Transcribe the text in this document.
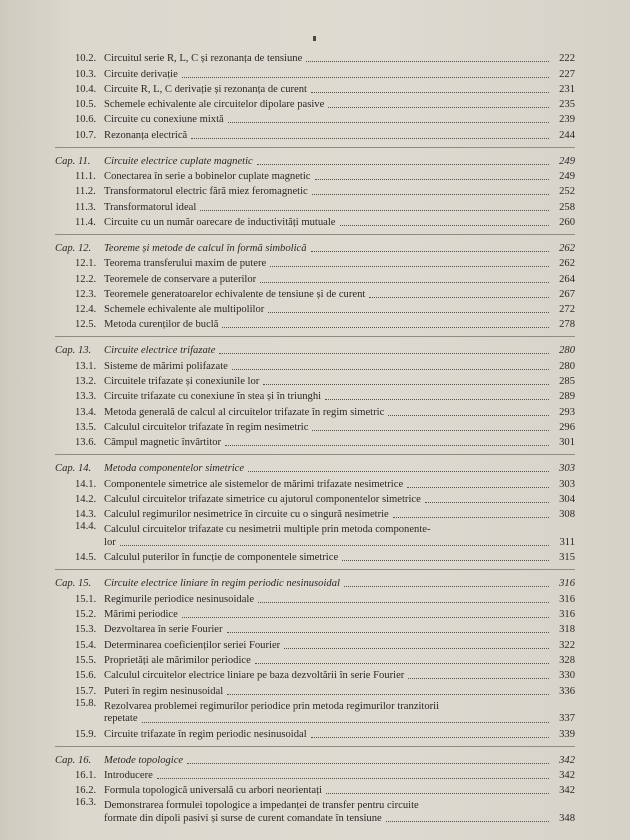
10.2. Circuitul serie R, L, C și rezonanța de tensiune	222
10.3. Circuite derivație	227
10.4. Circuite R, L, C derivație și rezonanța de curent	231
10.5. Schemele echivalente ale circuitelor dipolare pasive	235
10.6. Circuite cu conexiune mixtă	239
10.7. Rezonanța electrică	244
Cap. 11.	Circuite electrice cuplate magnetic	249
11.1. Conectarea în serie a bobinelor cuplate magnetic	249
11.2. Transformatorul electric fără miez feromagnetic	252
11.3. Transformatorul ideal	258
11.4. Circuite cu un număr oarecare de inductivități mutuale	260
Cap. 12.	Teoreme și metode de calcul în formă simbolică	262
12.1. Teorema transferului maxim de putere	262
12.2. Teoremele de conservare a puterilor	264
12.3. Teoremele generatoarelor echivalente de tensiune și de curent	267
12.4. Schemele echivalente ale multipolilor	272
12.5. Metoda curenților de buclă	278
Cap. 13.	Circuite electrice trifazate	280
13.1. Sisteme de mărimi polifazate	280
13.2. Circuitele trifazate și conexiunile lor	285
13.3. Circuite trifazate cu conexiune în stea și în triunghi	289
13.4. Metoda generală de calcul al circuitelor trifazate în regim simetric	293
13.5. Calculul circuitelor trifazate în regim nesimetric	296
13.6. Câmpul magnetic învârtitor	301
Cap. 14.	Metoda componentelor simetrice	303
14.1. Componentele simetrice ale sistemelor de mărimi trifazate nesimetrice	303
14.2. Calculul circuitelor trifazate simetrice cu ajutorul componentelor simetrice	304
14.3. Calculul regimurilor nesimetrice în circuite cu o singură nesimetrie	308
14.4. Calculul circuitelor trifazate cu nesimetrii multiple prin metoda componente-
lor	311
14.5. Calculul puterilor în funcție de componentele simetrice	315
Cap. 15.	Circuite electrice liniare în regim periodic nesinusoidal	316
15.1. Regimurile periodice nesinusoidale	316
15.2. Mărimi periodice	316
15.3. Dezvoltarea în serie Fourier	318
15.4. Determinarea coeficienților seriei Fourier	322
15.5. Proprietăți ale mărimilor periodice	328
15.6. Calculul circuitelor electrice liniare pe baza dezvoltării în serie Fourier	330
15.7. Puteri în regim nesinusoidal	336
15.8. Rezolvarea problemei regimurilor periodice prin metoda regimurilor tranzitorii
repetate	337
15.9. Circuite trifazate în regim periodic nesinusoidal	339
Cap. 16.	Metode topologice	342
16.1. Introducere	342
16.2. Formula topologică universală cu arbori neorientați	342
16.3. Demonstrarea formulei topologice a impedanței de transfer pentru circuite
formate din dipoli pasivi și surse de curent comandate în tensiune	348
